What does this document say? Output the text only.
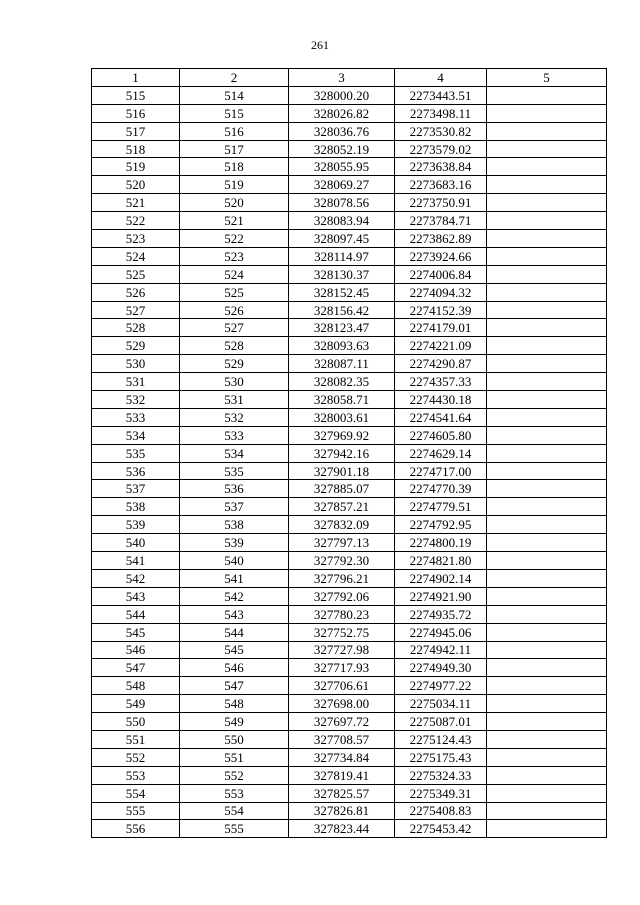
261
1	2	3	4	5
515	514	328000.20	2273443.51	
516	515	328026.82	2273498.11	
517	516	328036.76	2273530.82	
518	517	328052.19	2273579.02	
519	518	328055.95	2273638.84	
520	519	328069.27	2273683.16	
521	520	328078.56	2273750.91	
522	521	328083.94	2273784.71	
523	522	328097.45	2273862.89	
524	523	328114.97	2273924.66	
525	524	328130.37	2274006.84	
526	525	328152.45	2274094.32	
527	526	328156.42	2274152.39	
528	527	328123.47	2274179.01	
529	528	328093.63	2274221.09	
530	529	328087.11	2274290.87	
531	530	328082.35	2274357.33	
532	531	328058.71	2274430.18	
533	532	328003.61	2274541.64	
534	533	327969.92	2274605.80	
535	534	327942.16	2274629.14	
536	535	327901.18	2274717.00	
537	536	327885.07	2274770.39	
538	537	327857.21	2274779.51	
539	538	327832.09	2274792.95	
540	539	327797.13	2274800.19	
541	540	327792.30	2274821.80	
542	541	327796.21	2274902.14	
543	542	327792.06	2274921.90	
544	543	327780.23	2274935.72	
545	544	327752.75	2274945.06	
546	545	327727.98	2274942.11	
547	546	327717.93	2274949.30	
548	547	327706.61	2274977.22	
549	548	327698.00	2275034.11	
550	549	327697.72	2275087.01	
551	550	327708.57	2275124.43	
552	551	327734.84	2275175.43	
553	552	327819.41	2275324.33	
554	553	327825.57	2275349.31	
555	554	327826.81	2275408.83	
556	555	327823.44	2275453.42	
